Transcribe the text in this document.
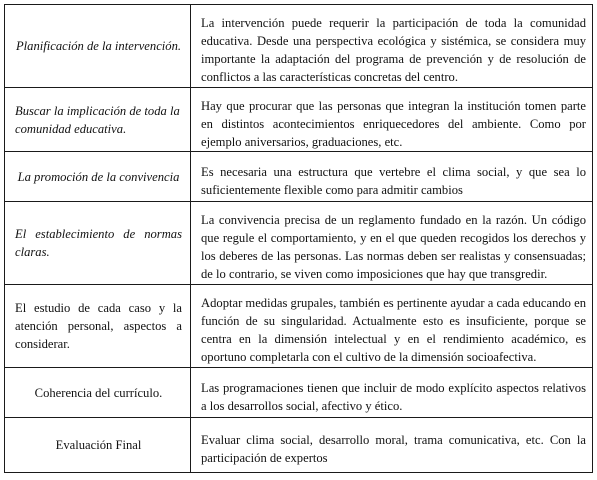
Planificación de la intervención.	La intervención puede requerir la participación de toda la comunidad educativa. Desde una perspectiva ecológica y sistémica, se considera muy importante la adaptación del programa de prevención y de resolución de conflictos a las características concretas del centro.
Buscar la implicación de toda la comunidad educativa.	Hay que procurar que las personas que integran la institución tomen parte en distintos acontecimientos enriquecedores del ambiente. Como por ejemplo aniversarios, graduaciones, etc.
La promoción de la convivencia	Es necesaria una estructura que vertebre el clima social, y que sea lo suficientemente flexible como para admitir cambios
El establecimiento de normas claras.	La convivencia precisa de un reglamento fundado en la razón. Un código que regule el comportamiento, y en el que queden recogidos los derechos y los deberes de las personas. Las normas deben ser realistas y consensuadas; de lo contrario, se viven como imposiciones que hay que transgredir.
El estudio de cada caso y la atención personal, aspectos a considerar.	Adoptar medidas grupales, también es pertinente ayudar a cada educando en función de su singularidad. Actualmente esto es insuficiente, porque se centra en la dimensión intelectual y en el rendimiento académico, es oportuno completarla con el cultivo de la dimensión socioafectiva.
Coherencia del currículo.	Las programaciones tienen que incluir de modo explícito aspectos relativos a los desarrollos social, afectivo y ético.
Evaluación Final	Evaluar clima social, desarrollo moral, trama comunicativa, etc. Con la participación de expertos
